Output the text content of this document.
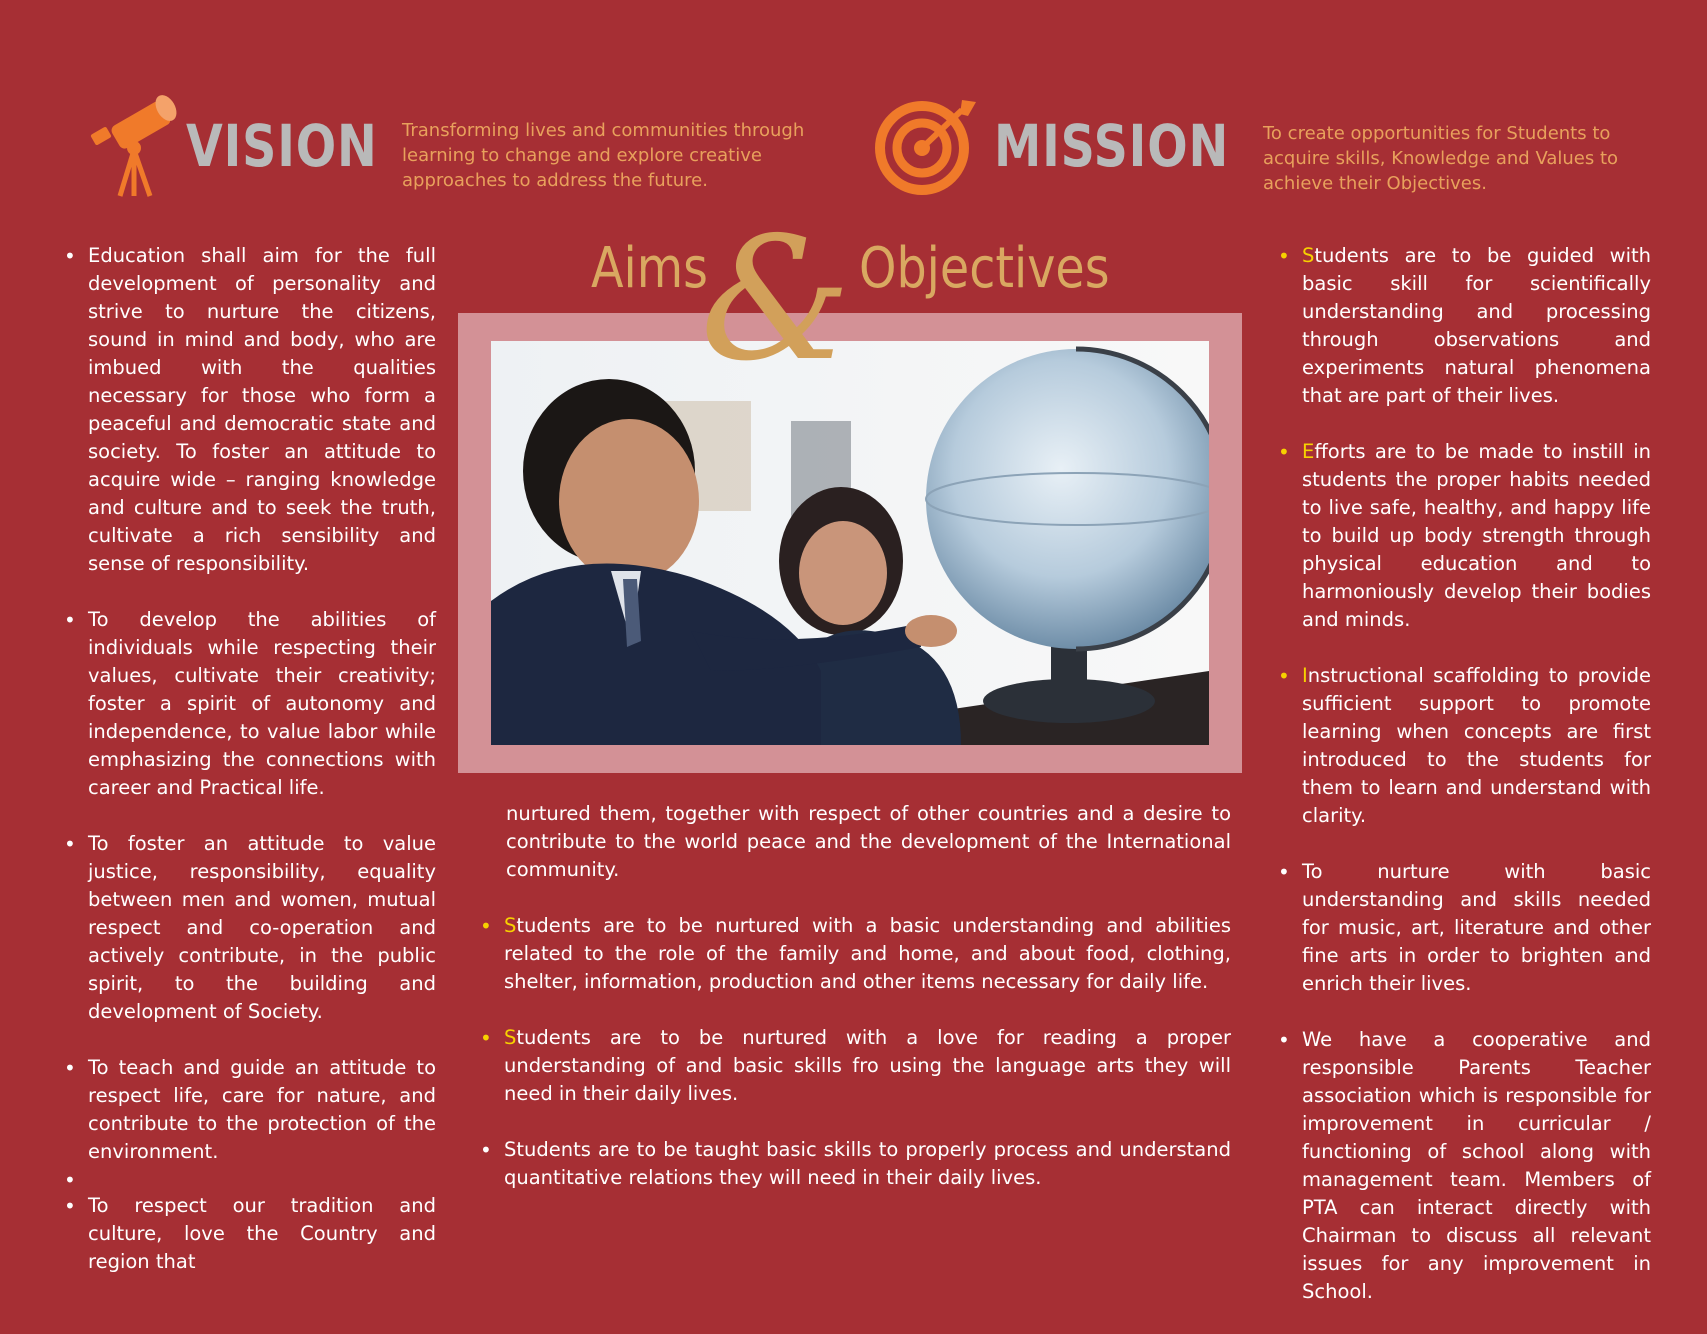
VISION Transforming lives and communities through learning to change and explore creative approaches to address the future.
MISSION To create opportunities for Students to acquire skills, Knowledge and Values to achieve their Objectives.
• Education shall aim for the full development of personality and strive to nurture the citizens, sound in mind and body, who are imbued with the qualities necessary for those who form a peaceful and democratic state and society. To foster an attitude to acquire wide – ranging knowledge and culture and to seek the truth, cultivate a rich sensibility and sense of responsibility.
• To develop the abilities of individuals while respecting their values, cultivate their creativity; foster a spirit of autonomy and independence, to value labor while emphasizing the connections with career and Practical life.
• To foster an attitude to value justice, responsibility, equality between men and women, mutual respect and co-operation and actively contribute, in the public spirit, to the building and development of Society.
• To teach and guide an attitude to respect life, care for nature, and contribute to the protection of the environment.
•
• To respect our tradition and culture, love the Country and region that
Aims
& Objectives
nurtured them, together with respect of other countries and a desire to contribute to the world peace and the development of the International community.
• Students are to be nurtured with a basic understanding and abilities related to the role of the family and home, and about food, clothing, shelter, information, production and other items necessary for daily life.
• Students are to be nurtured with a love for reading a proper understanding of and basic skills fro using the language arts they will need in their daily lives.
• Students are to be taught basic skills to properly process and understand quantitative relations they will need in their daily lives.
• Students are to be guided with basic skill for scientifically understanding and processing through observations and experiments natural phenomena that are part of their lives.
• Efforts are to be made to instill in students the proper habits needed to live safe, healthy, and happy life to build up body strength through physical education and to harmoniously develop their bodies and minds.
• Instructional scaffolding to provide sufficient support to promote learning when concepts are first introduced to the students for them to learn and understand with clarity.
• To nurture with basic understanding and skills needed for music, art, literature and other fine arts in order to brighten and enrich their lives.
• We have a cooperative and responsible Parents Teacher association which is responsible for improvement in curricular / functioning of school along with management team. Members of PTA can interact directly with Chairman to discuss all relevant issues for any improvement in School.
